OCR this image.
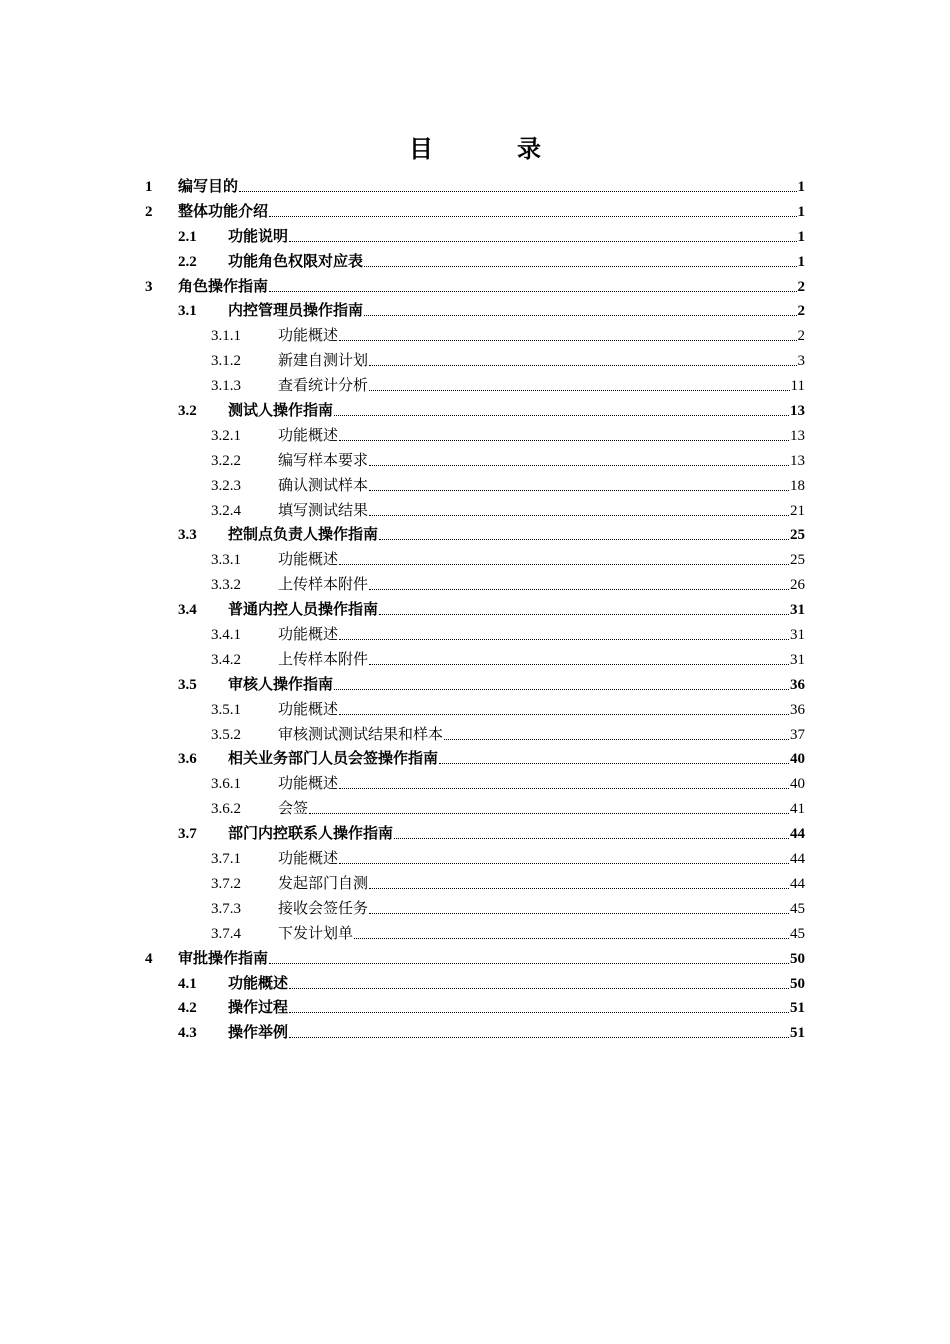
目　录
1 编写目的	1
2 整体功能介绍	1
2.1 功能说明	1
2.2 功能角色权限对应表	1
3 角色操作指南	2
3.1 内控管理员操作指南	2
3.1.1 功能概述	2
3.1.2 新建自测计划	3
3.1.3 查看统计分析	11
3.2 测试人操作指南	13
3.2.1 功能概述	13
3.2.2 编写样本要求	13
3.2.3 确认测试样本	18
3.2.4 填写测试结果	21
3.3 控制点负责人操作指南	25
3.3.1 功能概述	25
3.3.2 上传样本附件	26
3.4 普通内控人员操作指南	31
3.4.1 功能概述	31
3.4.2 上传样本附件	31
3.5 审核人操作指南	36
3.5.1 功能概述	36
3.5.2 审核测试测试结果和样本	37
3.6 相关业务部门人员会签操作指南	40
3.6.1 功能概述	40
3.6.2 会签	41
3.7 部门内控联系人操作指南	44
3.7.1 功能概述	44
3.7.2 发起部门自测	44
3.7.3 接收会签任务	45
3.7.4 下发计划单	45
4 审批操作指南	50
4.1 功能概述	50
4.2 操作过程	51
4.3 操作举例	51
